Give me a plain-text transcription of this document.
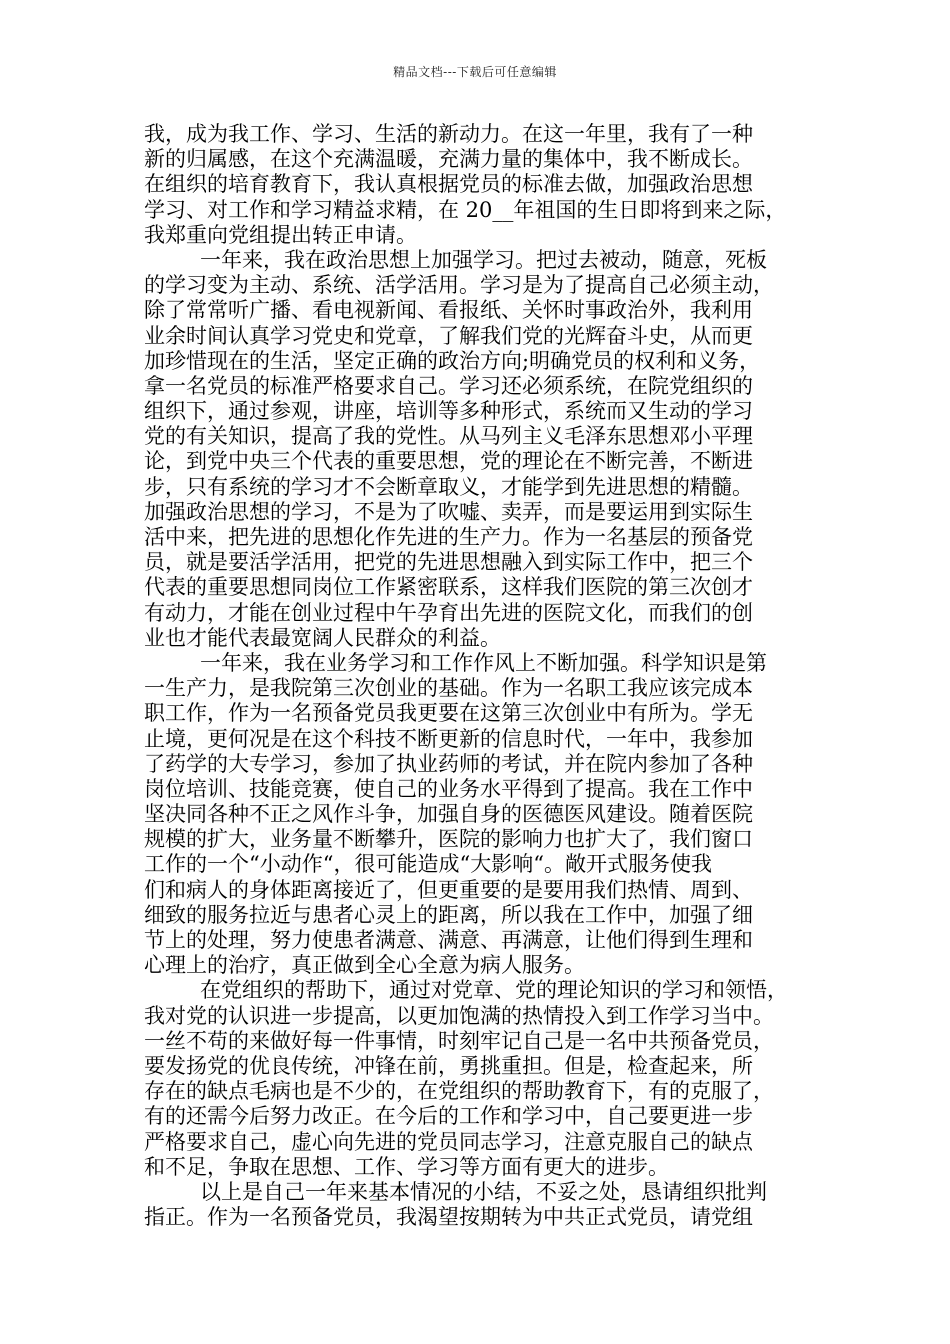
精品文档---下载后可任意编辑
我，成为我工作、学习、生活的新动力。在这一年里，我有了一种
新的归属感，在这个充满温暖，充满力量的集体中，我不断成长。
在组织的培育教育下，我认真根据党员的标准去做，加强政治思想
学习、对工作和学习精益求精，在 20__年祖国的生日即将到来之际，
我郑重向党组提出转正申请。
一年来，我在政治思想上加强学习。把过去被动，随意，死板
的学习变为主动、系统、活学活用。学习是为了提高自己必须主动，
除了常常听广播、看电视新闻、看报纸、关怀时事政治外，我利用
业余时间认真学习党史和党章，了解我们党的光辉奋斗史，从而更
加珍惜现在的生活，坚定正确的政治方向;明确党员的权利和义务，
拿一名党员的标准严格要求自己。学习还必须系统，在院党组织的
组织下，通过参观，讲座，培训等多种形式，系统而又生动的学习
党的有关知识，提高了我的党性。从马列主义毛泽东思想邓小平理
论，到党中央三个代表的重要思想，党的理论在不断完善，不断进
步，只有系统的学习才不会断章取义，才能学到先进思想的精髓。
加强政治思想的学习，不是为了吹嘘、卖弄，而是要运用到实际生
活中来，把先进的思想化作先进的生产力。作为一名基层的预备党
员，就是要活学活用，把党的先进思想融入到实际工作中，把三个
代表的重要思想同岗位工作紧密联系，这样我们医院的第三次创才
有动力，才能在创业过程中午孕育出先进的医院文化，而我们的创
业也才能代表最宽阔人民群众的利益。
一年来，我在业务学习和工作作风上不断加强。科学知识是第
一生产力，是我院第三次创业的基础。作为一名职工我应该完成本
职工作，作为一名预备党员我更要在这第三次创业中有所为。学无
止境，更何况是在这个科技不断更新的信息时代，一年中，我参加
了药学的大专学习，参加了执业药师的考试，并在院内参加了各种
岗位培训、技能竞赛，使自己的业务水平得到了提高。我在工作中
坚决同各种不正之风作斗争，加强自身的医德医风建设。随着医院
规模的扩大，业务量不断攀升，医院的影响力也扩大了，我们窗口
工作的一个“小动作“，很可能造成“大影响“。敞开式服务使我
们和病人的身体距离接近了，但更重要的是要用我们热情、周到、
细致的服务拉近与患者心灵上的距离，所以我在工作中，加强了细
节上的处理，努力使患者满意、满意、再满意，让他们得到生理和
心理上的治疗，真正做到全心全意为病人服务。
在党组织的帮助下，通过对党章、党的理论知识的学习和领悟，
我对党的认识进一步提高，以更加饱满的热情投入到工作学习当中。
一丝不苟的来做好每一件事情，时刻牢记自己是一名中共预备党员，
要发扬党的优良传统，冲锋在前，勇挑重担。但是，检查起来，所
存在的缺点毛病也是不少的，在党组织的帮助教育下，有的克服了，
有的还需今后努力改正。在今后的工作和学习中，自己要更进一步
严格要求自己，虚心向先进的党员同志学习，注意克服自己的缺点
和不足，争取在思想、工作、学习等方面有更大的进步。
以上是自己一年来基本情况的小结，不妥之处，恳请组织批判
指正。作为一名预备党员，我渴望按期转为中共正式党员，请党组
